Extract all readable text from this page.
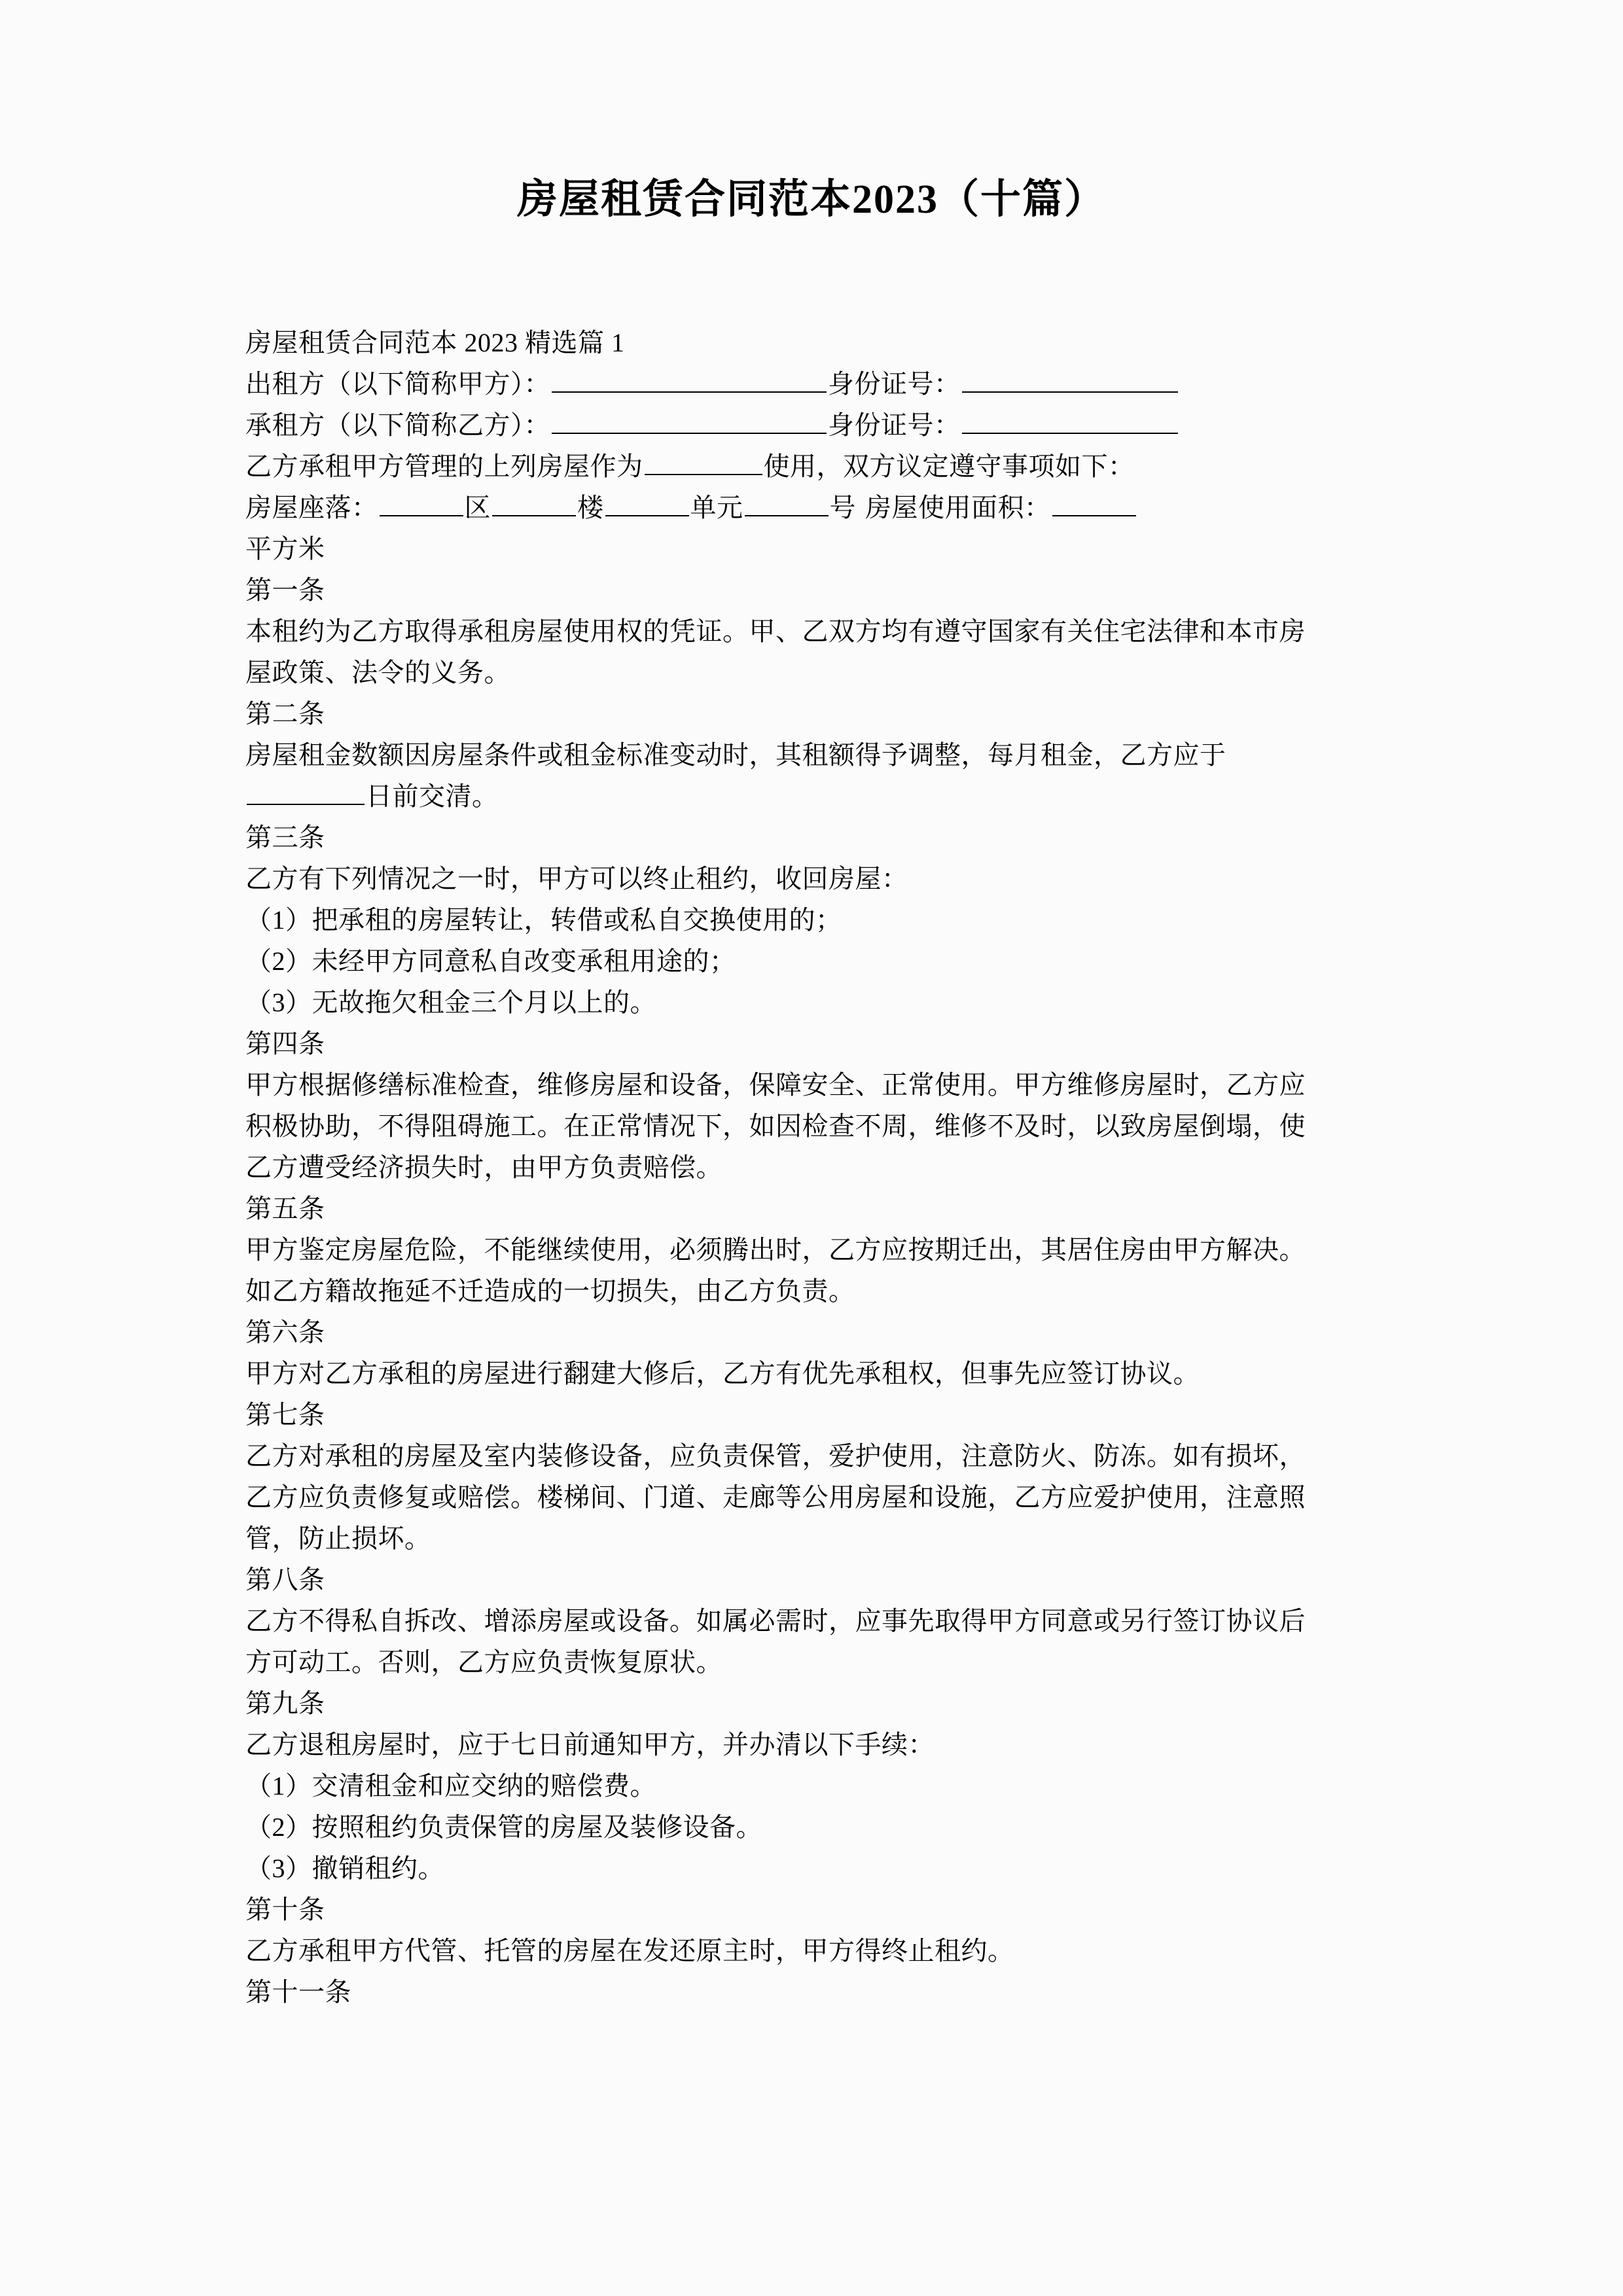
房屋租赁合同范本2023（十篇）
房屋租赁合同范本 2023 精选篇 1
出租方（以下简称甲方）：	身份证号：
承租方（以下简称乙方）：	身份证号：
乙方承租甲方管理的上列房屋作为	使用，双方议定遵守事项如下：
房屋座落：	区	楼	单元	号 房屋使用面积：
平方米
第一条
本租约为乙方取得承租房屋使用权的凭证。甲、乙双方均有遵守国家有关住宅法律和本市房
屋政策、法令的义务。
第二条
房屋租金数额因房屋条件或租金标准变动时，其租额得予调整，每月租金，乙方应于
日前交清。
第三条
乙方有下列情况之一时，甲方可以终止租约，收回房屋：
（1）把承租的房屋转让，转借或私自交换使用的；
（2）未经甲方同意私自改变承租用途的；
（3）无故拖欠租金三个月以上的。
第四条
甲方根据修缮标准检查，维修房屋和设备，保障安全、正常使用。甲方维修房屋时，乙方应
积极协助，不得阻碍施工。在正常情况下，如因检查不周，维修不及时，以致房屋倒塌，使
乙方遭受经济损失时，由甲方负责赔偿。
第五条
甲方鉴定房屋危险，不能继续使用，必须腾出时，乙方应按期迁出，其居住房由甲方解决。
如乙方籍故拖延不迁造成的一切损失，由乙方负责。
第六条
甲方对乙方承租的房屋进行翻建大修后，乙方有优先承租权，但事先应签订协议。
第七条
乙方对承租的房屋及室内装修设备，应负责保管，爱护使用，注意防火、防冻。如有损坏，
乙方应负责修复或赔偿。楼梯间、门道、走廊等公用房屋和设施，乙方应爱护使用，注意照
管，防止损坏。
第八条
乙方不得私自拆改、增添房屋或设备。如属必需时，应事先取得甲方同意或另行签订协议后
方可动工。否则，乙方应负责恢复原状。
第九条
乙方退租房屋时，应于七日前通知甲方，并办清以下手续：
（1）交清租金和应交纳的赔偿费。
（2）按照租约负责保管的房屋及装修设备。
（3）撤销租约。
第十条
乙方承租甲方代管、托管的房屋在发还原主时，甲方得终止租约。
第十一条
